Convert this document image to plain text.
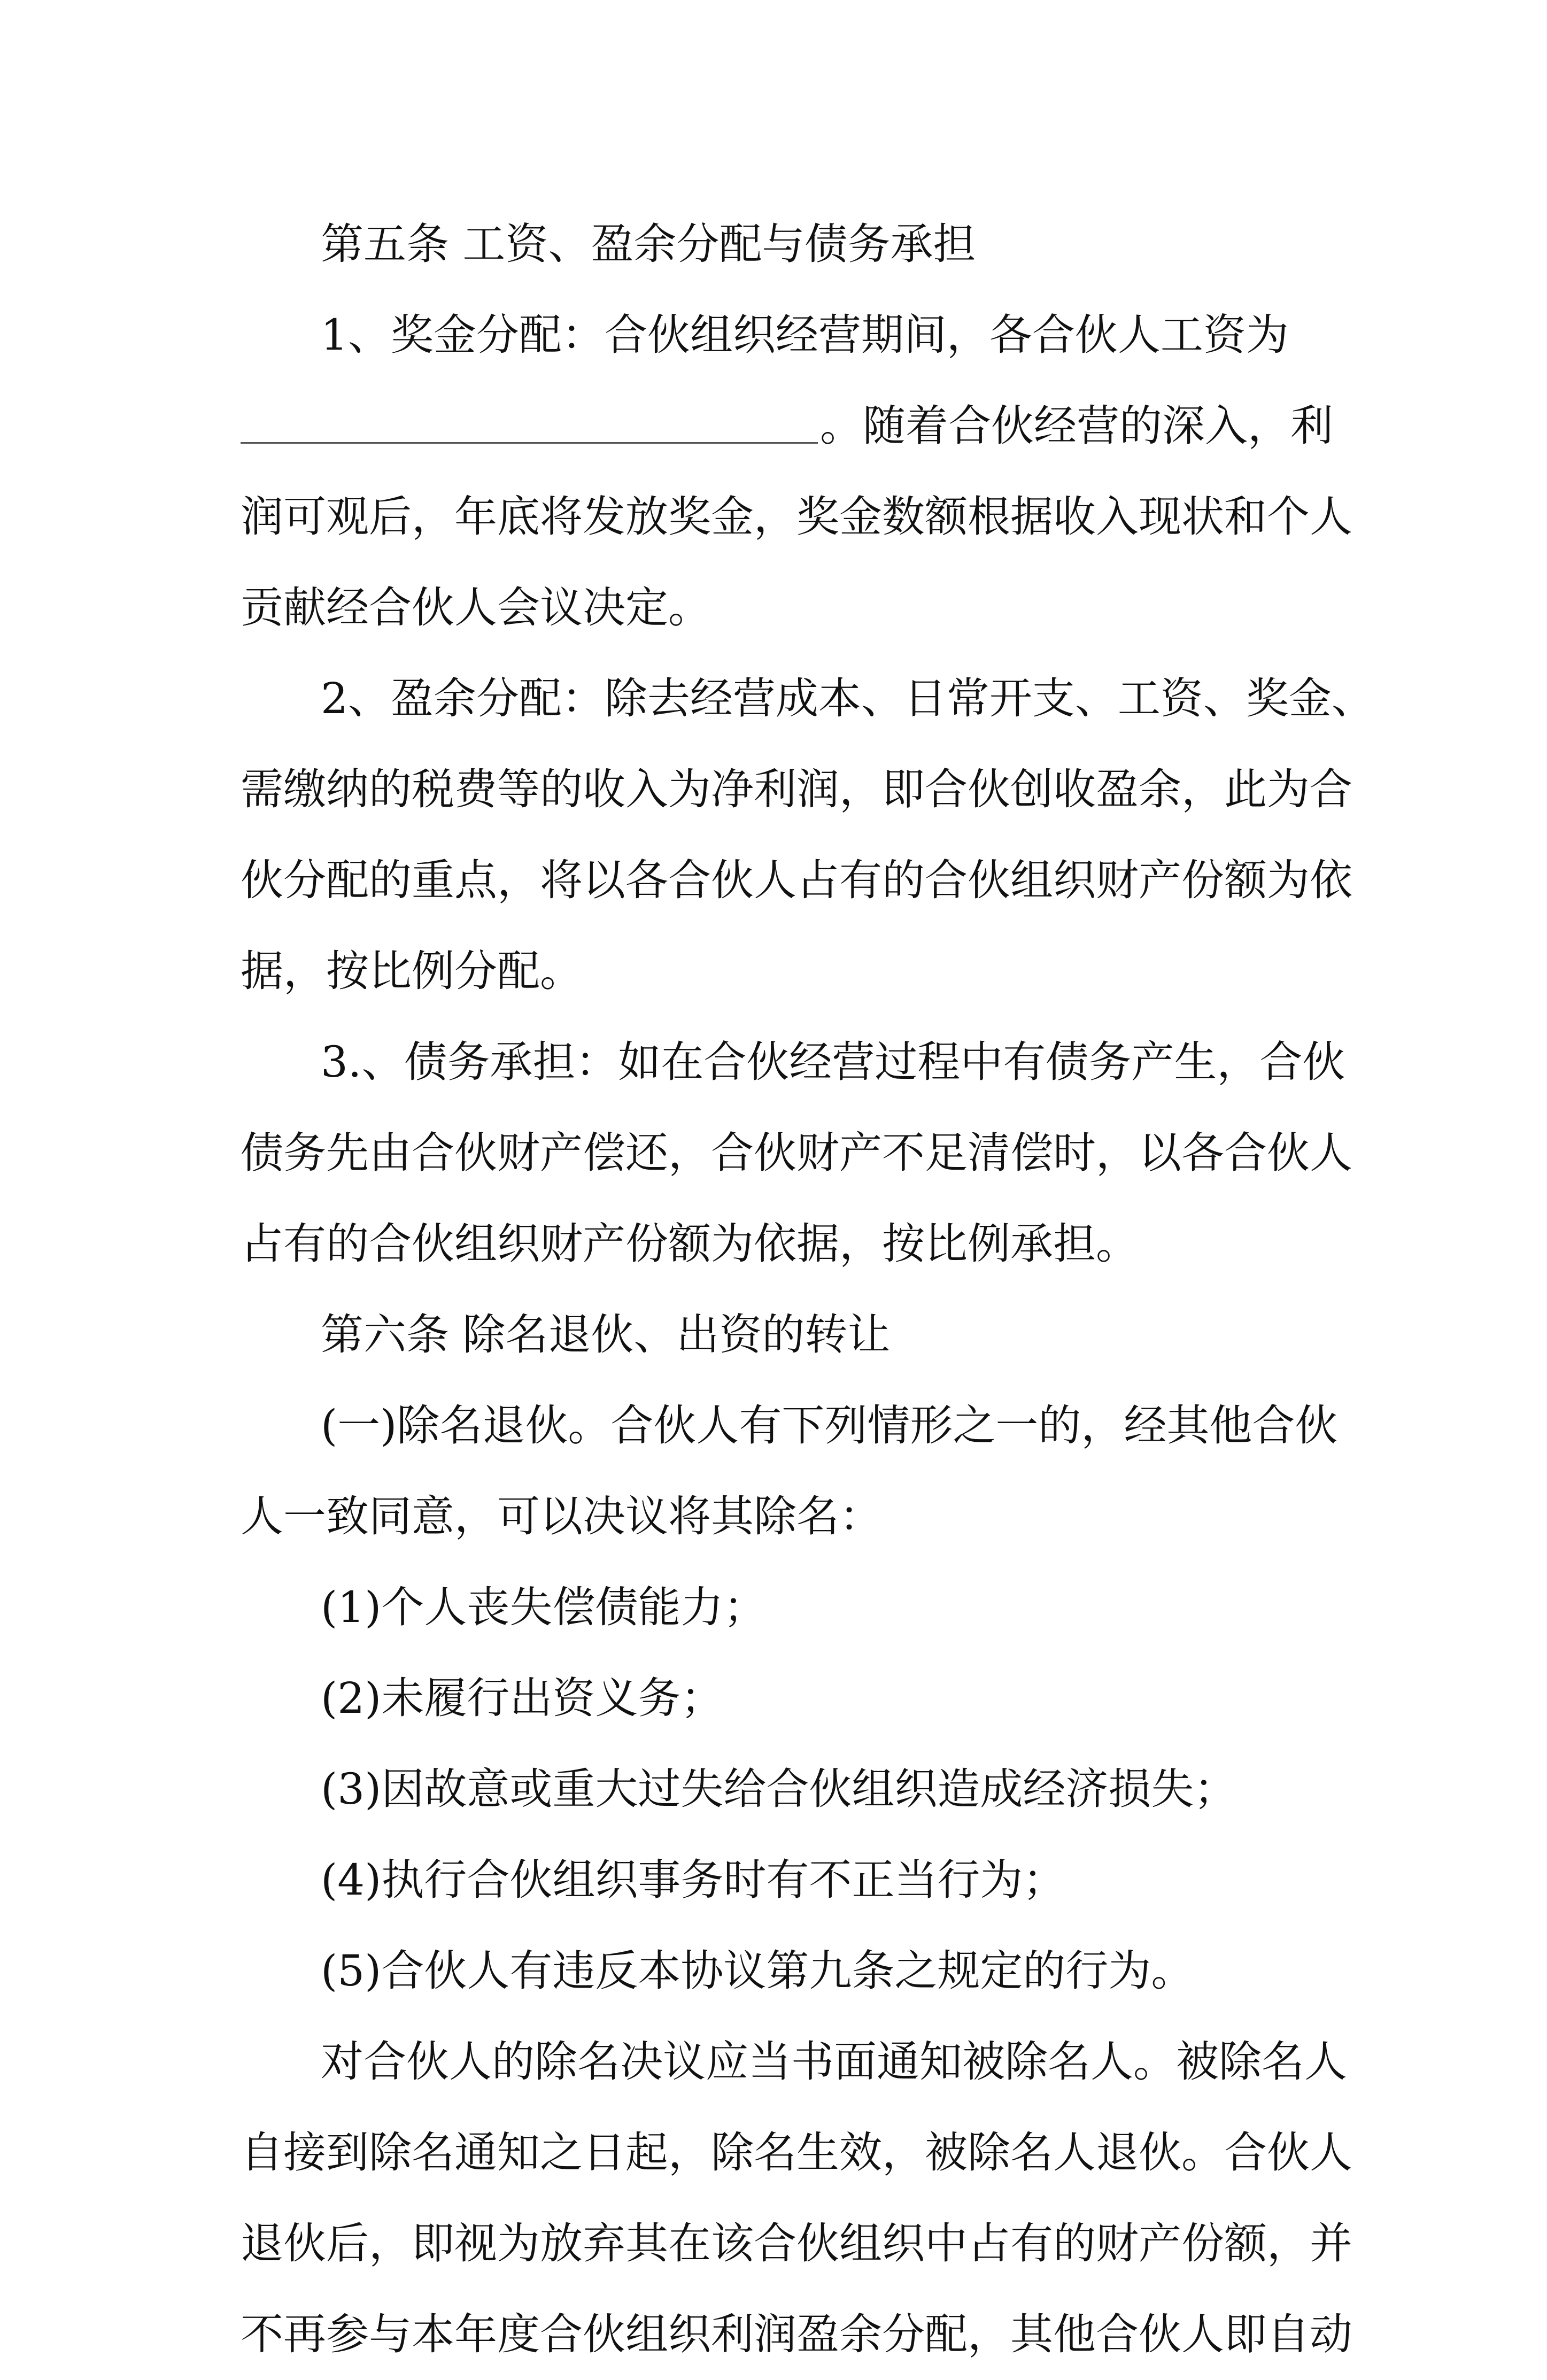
第五条 工资、盈余分配与债务承担
1、奖金分配：合伙组织经营期间，各合伙人工资为
。随着合伙经营的深入，利
润可观后，年底将发放奖金，奖金数额根据收入现状和个人
贡献经合伙人会议决定。
2、盈余分配：除去经营成本、日常开支、工资、奖金、
需缴纳的税费等的收入为净利润，即合伙创收盈余，此为合
伙分配的重点，将以各合伙人占有的合伙组织财产份额为依
据，按比例分配。
3.、债务承担：如在合伙经营过程中有债务产生，合伙
债务先由合伙财产偿还，合伙财产不足清偿时，以各合伙人
占有的合伙组织财产份额为依据，按比例承担。
第六条 除名退伙、出资的转让
(一)除名退伙。合伙人有下列情形之一的，经其他合伙
人一致同意，可以决议将其除名：
(1)个人丧失偿债能力；
(2)未履行出资义务；
(3)因故意或重大过失给合伙组织造成经济损失；
(4)执行合伙组织事务时有不正当行为；
(5)合伙人有违反本协议第九条之规定的行为。
对合伙人的除名决议应当书面通知被除名人。被除名人
自接到除名通知之日起，除名生效，被除名人退伙。合伙人
退伙后，即视为放弃其在该合伙组织中占有的财产份额，并
不再参与本年度合伙组织利润盈余分配，其他合伙人即自动
